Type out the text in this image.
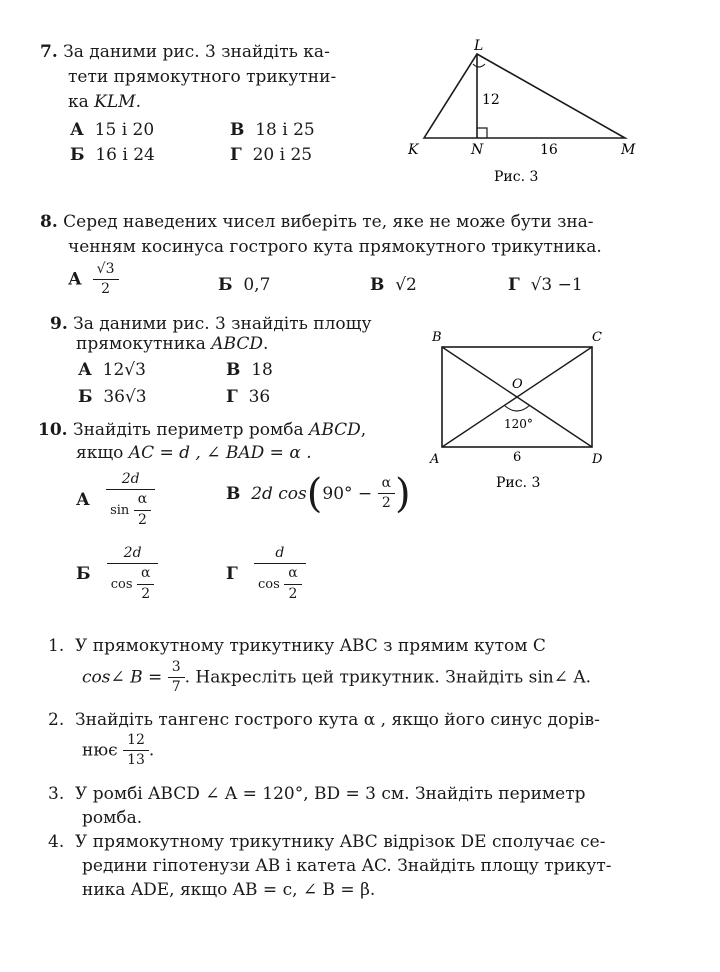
7. За даними рис. 3 знайдіть ка-
тети прямокутного трикутни-
ка KLM.
А 15 і 20	В 18 і 25
Б 16 і 24	Г 20 і 25
L
K	N	M
12
16
Рис. 3
8. Серед наведених чисел виберіть те, яке не може бути зна-
ченням косинуса гострого кута прямокутного трикутника.
А $\frac{√3}{2}$	Б 0,7	В √2	Г √3 −1
9. За даними рис. 3 знайдіть площу
прямокутника ABCD.
А 12√3	В 18
Б 36√3	Г 36
B	C
O
A	D
120°
6
Рис. 3
10. Знайдіть периметр ромба ABCD,
якщо AC = d , ∠ BAD = α .
А $\frac{2d}{\sin \frac{\alpha}{2}}$	В 2d $\cos(90^\circ - \frac{\alpha}{2}$ )
Б $\frac{2d}{\cos \frac{\alpha}{2}}$	Г $\frac{d}{\cos \frac{\alpha}{2}}$
1. У прямокутному трикутнику ABC з прямим кутом C
cos∠ $B = \frac{3}{7}$ . Накресліть цей трикутник. Знайдіть sin∠ A.
2. Знайдіть тангенс гострого кута α , якщо його синус дорів-
нює $\frac{12}{13}$ .
3. У ромбі ABCD ∠ A = 120°, BD = 3 см. Знайдіть периметр
ромба.
4. У прямокутному трикутнику ABC відрізок DE сполучає се-
редини гіпотенузи AB і катета AC. Знайдіть площу трикут-
ника ADE, якщо AB = c, ∠ B = β.
